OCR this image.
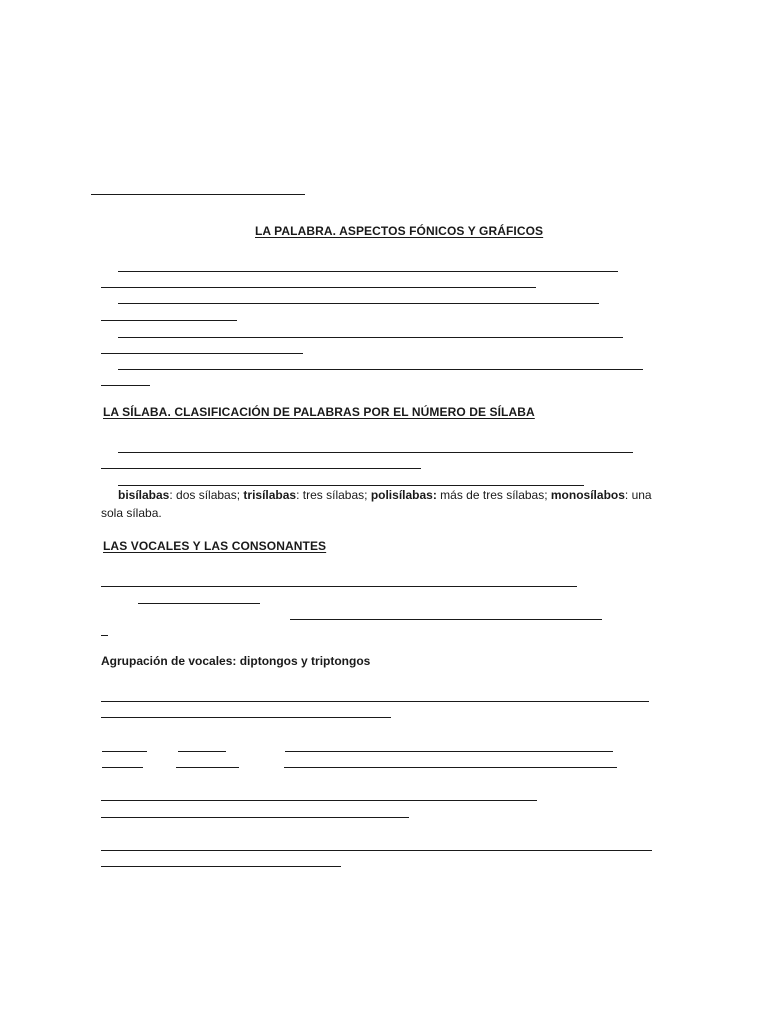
LA PALABRA. ASPECTOS FÓNICOS Y GRÁFICOS
LA SÍLABA. CLASIFICACIÓN DE PALABRAS POR EL NÚMERO DE SÍLABA
bisílabas: dos sílabas; trisílabas: tres sílabas; polisílabas: más de tres sílabas; monosílabos: una sola sílaba.
LAS VOCALES Y LAS CONSONANTES
Agrupación de vocales: diptongos y triptongos
